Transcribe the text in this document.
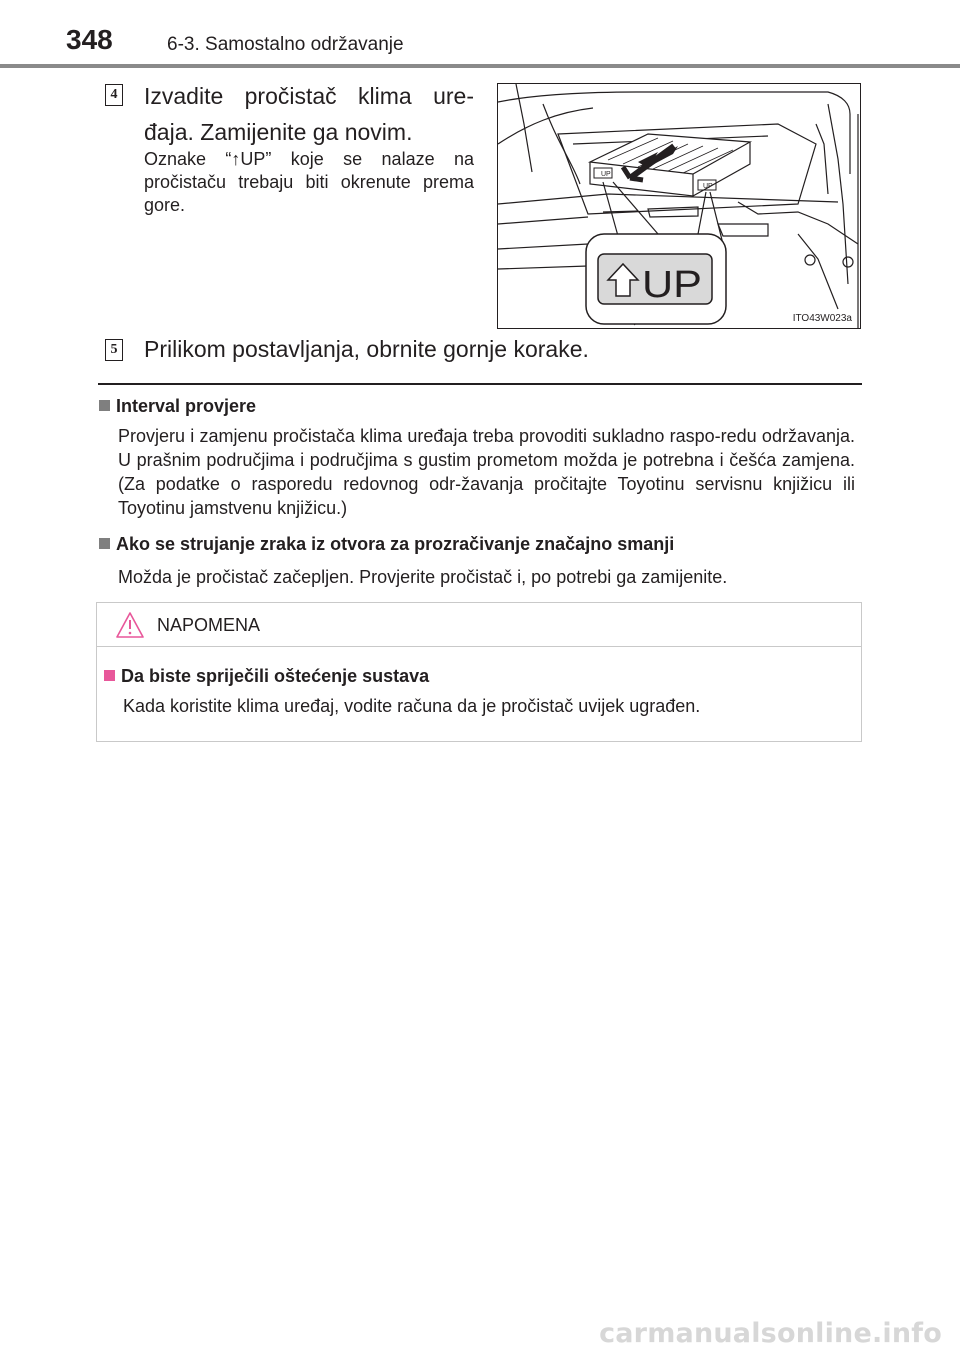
348	6-3. Samostalno održavanje
4 Izvadite pročistač klima ure-đaja. Zamijenite ga novim.
Oznake “↑UP” koje se nalaze na pročistaču trebaju biti okrenute prema gore.
UP
UP
UP
ITO43W023a
5 Prilikom postavljanja, obrnite gornje korake.
Interval provjere
Provjeru i zamjenu pročistača klima uređaja treba provoditi sukladno raspo-redu održavanja. U prašnim područjima i područjima s gustim prometom možda je potrebna i češća zamjena. (Za podatke o rasporedu redovnog odr-žavanja pročitajte Toyotinu servisnu knjižicu ili Toyotinu jamstvenu knjižicu.)
Ako se strujanje zraka iz otvora za prozračivanje značajno smanji
Možda je pročistač začepljen. Provjerite pročistač i, po potrebi ga zamijenite.
NAPOMENA
Da biste spriječili oštećenje sustava
Kada koristite klima uređaj, vodite računa da je pročistač uvijek ugrađen.
carmanualsonline.info
